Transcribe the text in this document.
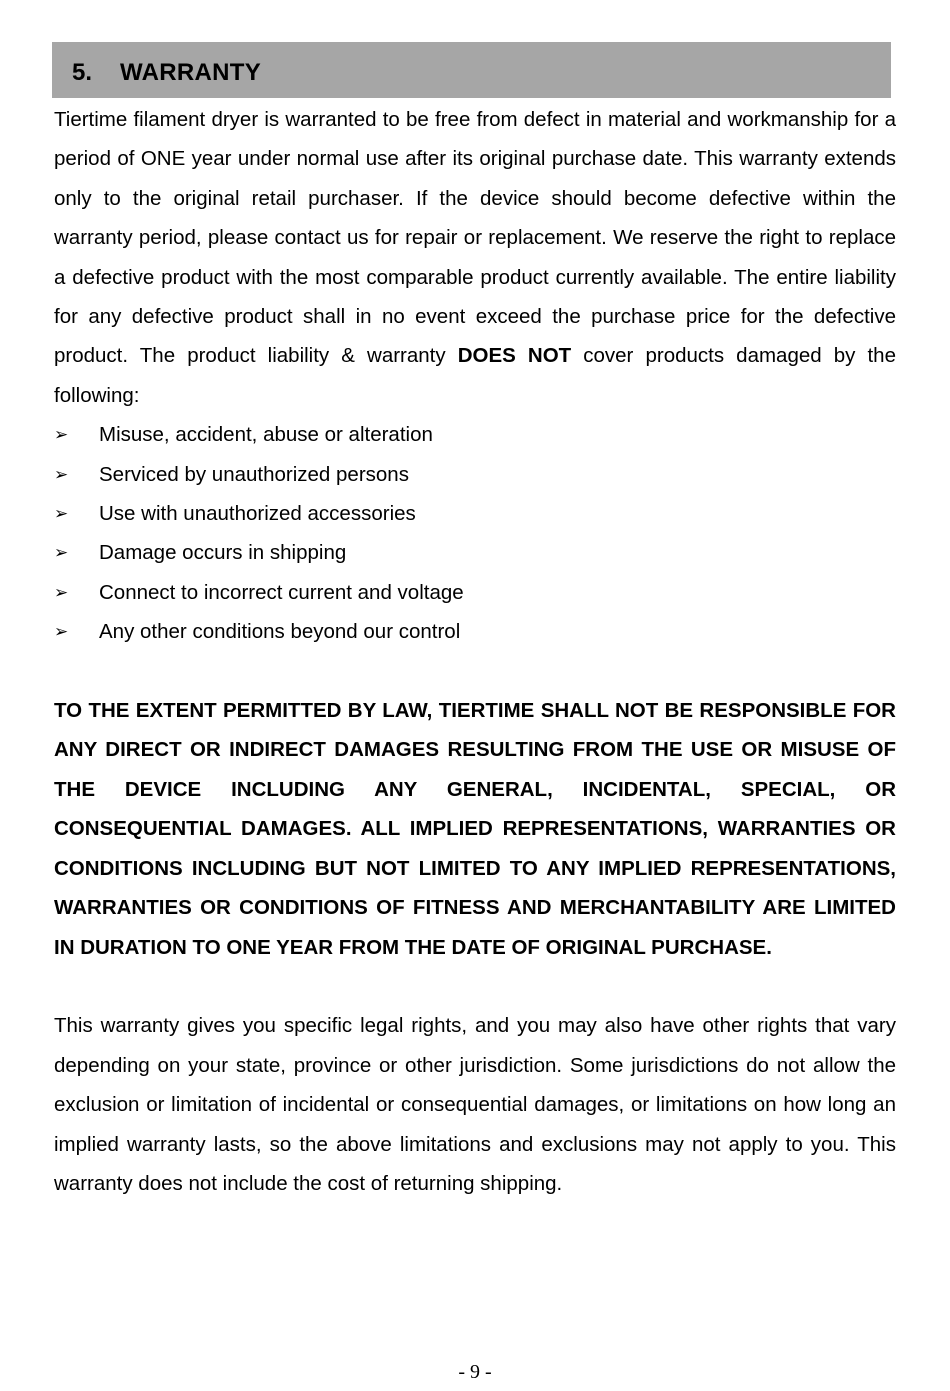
5. WARRANTY

Tiertime filament dryer is warranted to be free from defect in material and workmanship for a period of ONE year under normal use after its original purchase date. This warranty extends only to the original retail purchaser. If the device should become defective within the warranty period, please contact us for repair or replacement. We reserve the right to replace a defective product with the most comparable product currently available. The entire liability for any defective product shall in no event exceed the purchase price for the defective product. The product liability & warranty DOES NOT cover products damaged by the following:

➢ Misuse, accident, abuse or alteration
➢ Serviced by unauthorized persons
➢ Use with unauthorized accessories
➢ Damage occurs in shipping
➢ Connect to incorrect current and voltage
➢ Any other conditions beyond our control

TO THE EXTENT PERMITTED BY LAW, TIERTIME SHALL NOT BE RESPONSIBLE FOR ANY DIRECT OR INDIRECT DAMAGES RESULTING FROM THE USE OR MISUSE OF THE DEVICE INCLUDING ANY GENERAL, INCIDENTAL, SPECIAL, OR CONSEQUENTIAL DAMAGES. ALL IMPLIED REPRESENTATIONS, WARRANTIES OR CONDITIONS INCLUDING BUT NOT LIMITED TO ANY IMPLIED REPRESENTATIONS, WARRANTIES OR CONDITIONS OF FITNESS AND MERCHANTABILITY ARE LIMITED IN DURATION TO ONE YEAR FROM THE DATE OF ORIGINAL PURCHASE.

This warranty gives you specific legal rights, and you may also have other rights that vary depending on your state, province or other jurisdiction. Some jurisdictions do not allow the exclusion or limitation of incidental or consequential damages, or limitations on how long an implied warranty lasts, so the above limitations and exclusions may not apply to you. This warranty does not include the cost of returning shipping.

- 9 -
